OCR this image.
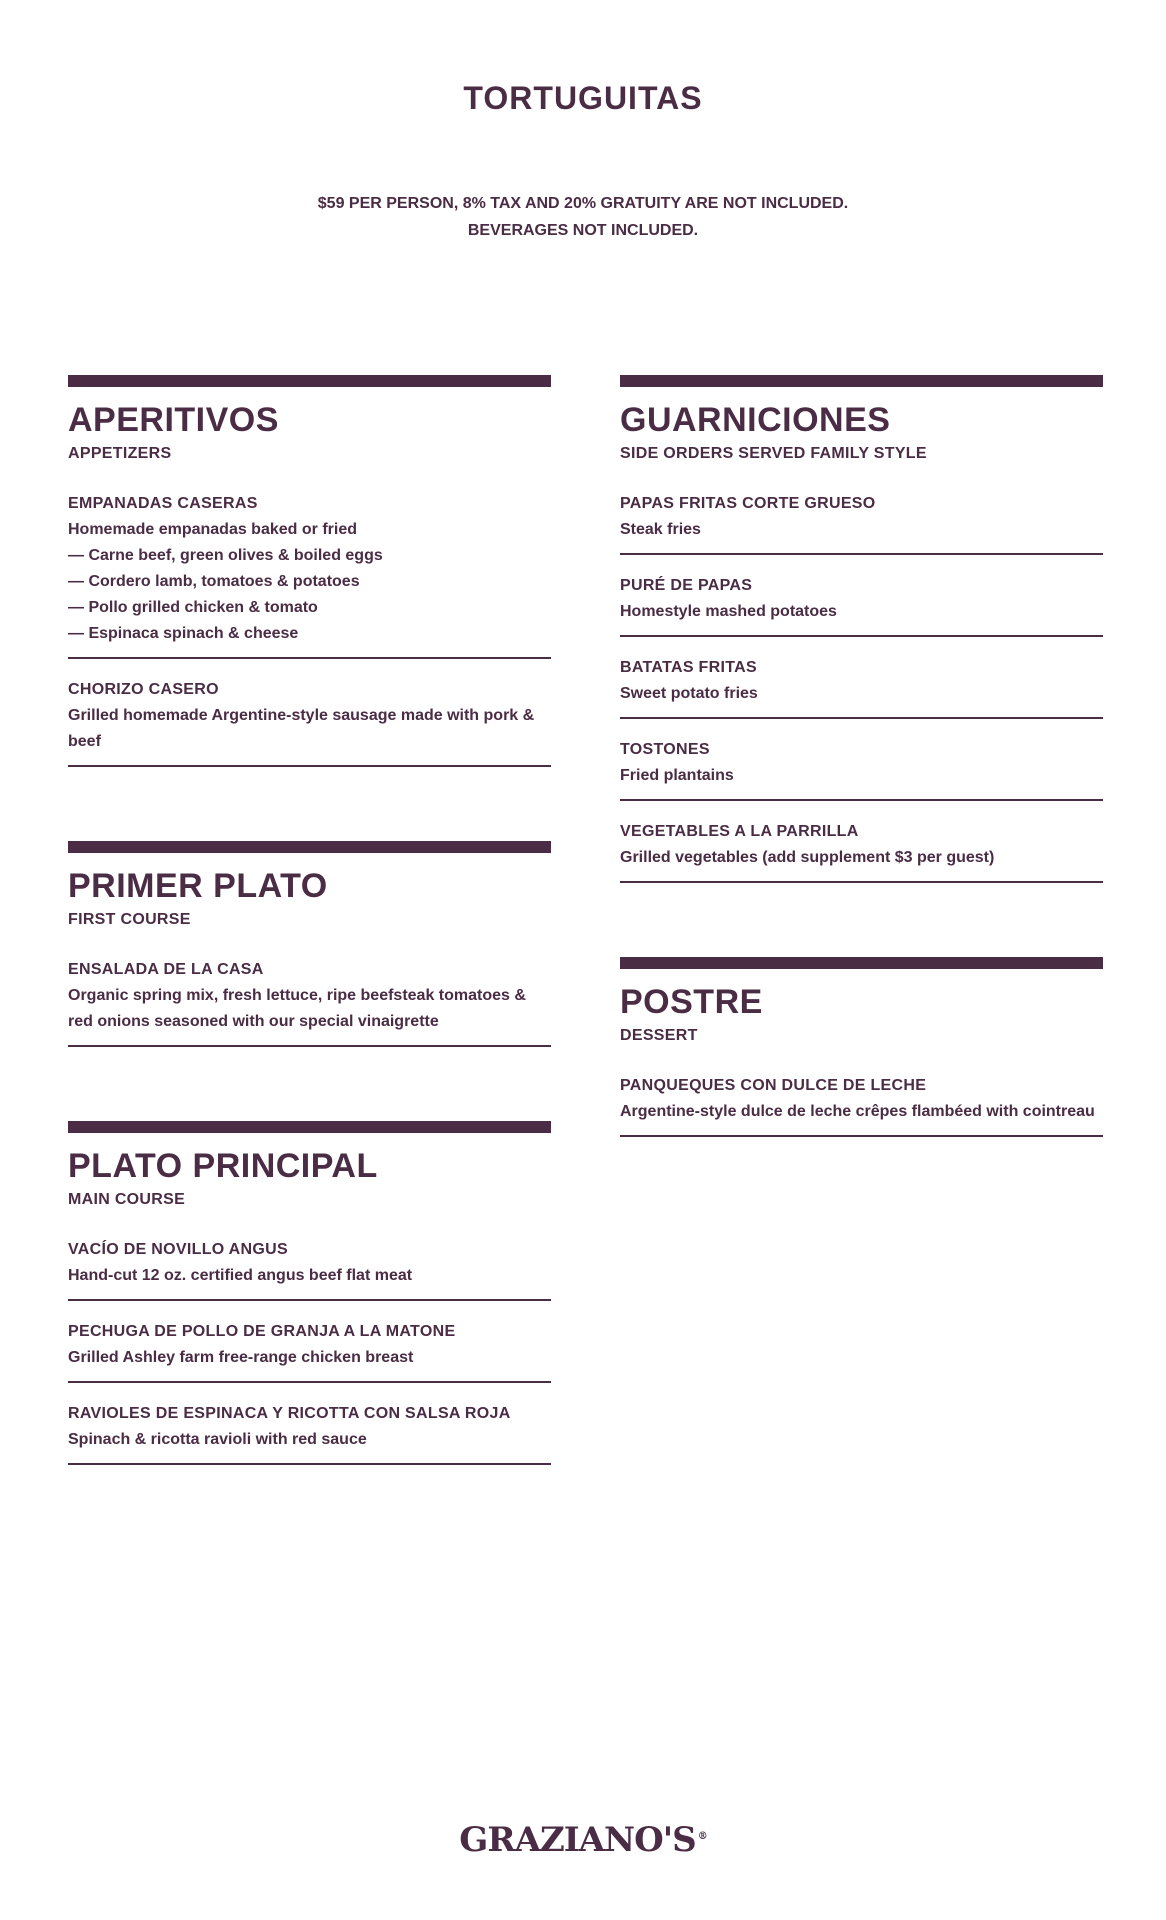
TORTUGUITAS
$59 PER PERSON, 8% TAX AND 20% GRATUITY ARE NOT INCLUDED.
BEVERAGES NOT INCLUDED.
APERITIVOS
APPETIZERS
EMPANADAS CASERAS
Homemade empanadas baked or fried
— Carne beef, green olives & boiled eggs
— Cordero lamb, tomatoes & potatoes
— Pollo grilled chicken & tomato
— Espinaca spinach & cheese
CHORIZO CASERO
Grilled homemade Argentine-style sausage made with pork & beef
PRIMER PLATO
FIRST COURSE
ENSALADA DE LA CASA
Organic spring mix, fresh lettuce, ripe beefsteak tomatoes & red onions seasoned with our special vinaigrette
PLATO PRINCIPAL
MAIN COURSE
VACÍO DE NOVILLO ANGUS
Hand-cut 12 oz. certified angus beef flat meat
PECHUGA DE POLLO DE GRANJA A LA MATONE
Grilled Ashley farm free-range chicken breast
RAVIOLES DE ESPINACA Y RICOTTA CON SALSA ROJA
Spinach & ricotta ravioli with red sauce
GUARNICIONES
SIDE ORDERS SERVED FAMILY STYLE
PAPAS FRITAS CORTE GRUESO
Steak fries
PURÉ DE PAPAS
Homestyle mashed potatoes
BATATAS FRITAS
Sweet potato fries
TOSTONES
Fried plantains
VEGETABLES A LA PARRILLA
Grilled vegetables (add supplement $3 per guest)
POSTRE
DESSERT
PANQUEQUES CON DULCE DE LECHE
Argentine-style dulce de leche crêpes flambéed with cointreau
GRAZIANO'S ®
